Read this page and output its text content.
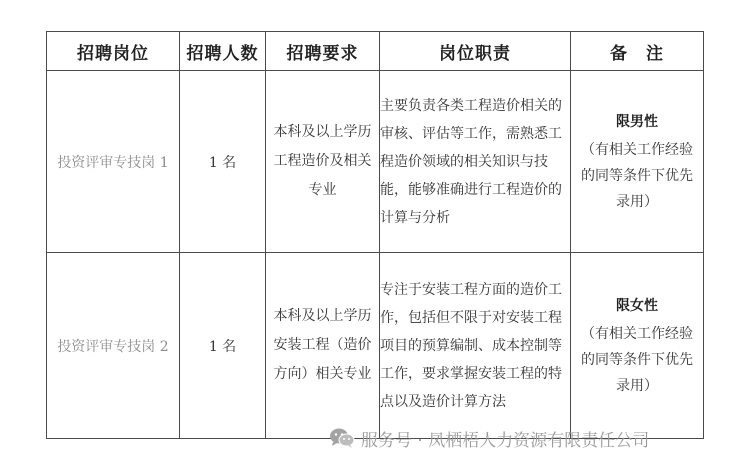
招聘岗位	招聘人数	招聘要求	岗位职责	备　注
投资评审专技岗 1	1 名	本科及以上学历 工程造价及相关专业	主要负责各类工程造价相关的审核、评估等工作，需熟悉工程造价领域的相关知识与技能，能够准确进行工程造价的计算与分析	限男性
（有相关工作经验的同等条件下优先录用）

投资评审专技岗 2	1 名	本科及以上学历 安装工程（造价方向）相关专业	专注于安装工程方面的造价工作，包括但不限于对安装工程项目的预算编制、成本控制等工作，要求掌握安装工程的特点以及造价计算方法	限女性
（有相关工作经验的同等条件下优先录用）
服务号 · 凤栖梧人力资源有限责任公司
